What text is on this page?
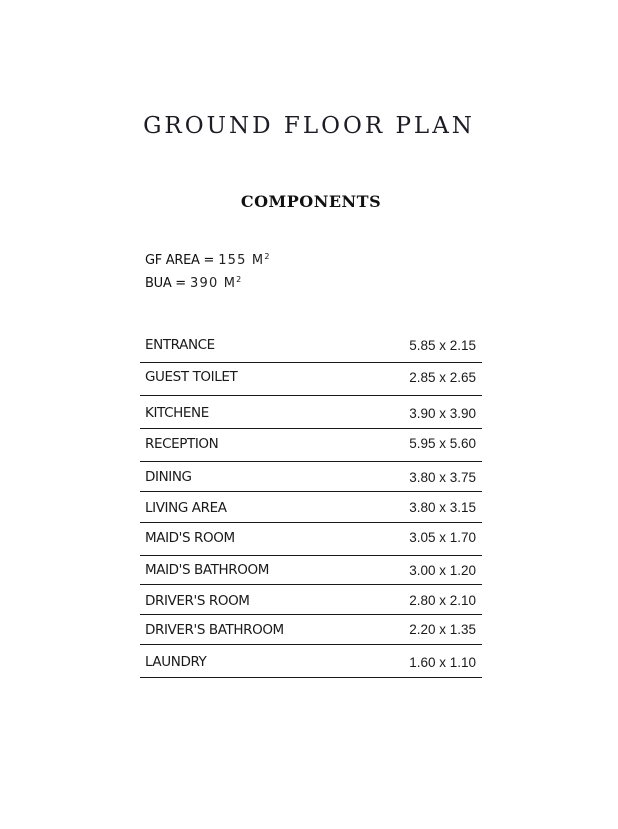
GROUND FLOOR PLAN
COMPONENTS
GF AREA = 155 $M^2$
BUA = 390 $M^2$
ENTRANCE	5.85 x 2.15
GUEST TOILET	2.85 x 2.65
KITCHENE	3.90 x 3.90
RECEPTION	5.95 x 5.60
DINING	3.80 x 3.75
LIVING AREA	3.80 x 3.15
MAID'S ROOM	3.05 x 1.70
MAID'S BATHROOM	3.00 x 1.20
DRIVER'S ROOM	2.80 x 2.10
DRIVER'S BATHROOM	2.20 x 1.35
LAUNDRY	1.60 x 1.10
